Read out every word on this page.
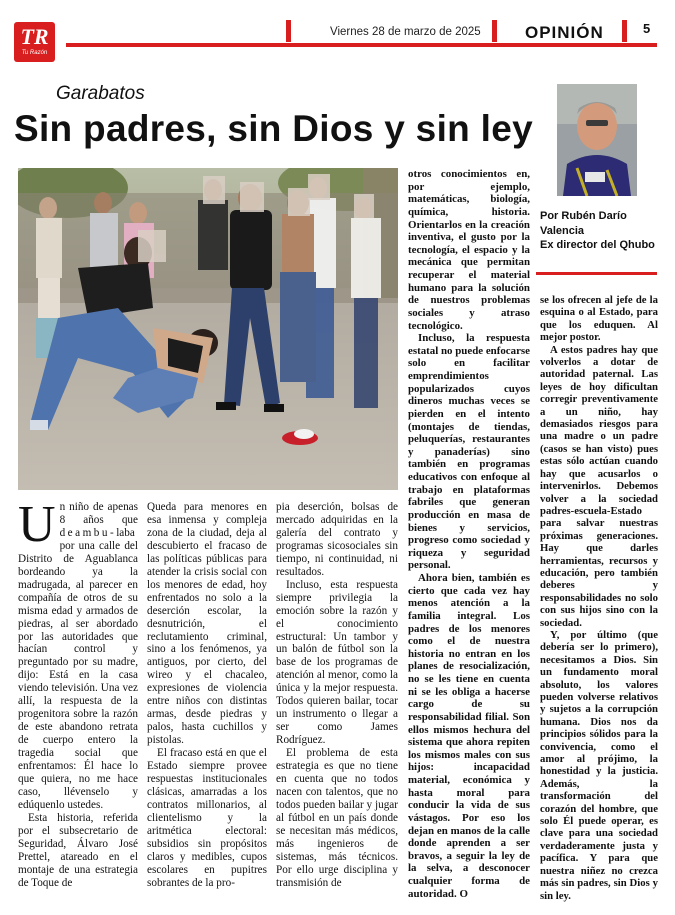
TR
Tu Razón
Viernes 28 de marzo de 2025	OPINIÓN	5
Garabatos
Sin padres, sin Dios y sin ley
Por Rubén Darío
Valencia
Ex director del Qhubo

U n niño de apenas 8 años que deambu-laba por una calle del Distrito de Aguablanca bordeando ya la madrugada, al parecer en compañía de otros de su misma edad y armados de piedras, al ser abordado por las autoridades que hacían control y preguntado por su madre, dijo: Está en la casa viendo televisión. Una vez allí, la respuesta de la progenitora sobre la razón de este abandono retrata de cuerpo entero la tragedia social que enfrentamos: Él hace lo que quiera, no me hace caso, llévenselo y edúquenlo ustedes.

Esta historia, referida por el subsecretario de Seguridad, Álvaro José Prettel, atareado en el montaje de una estrategia de Toque de

Queda para menores en esa inmensa y compleja zona de la ciudad, deja al descubierto el fracaso de las políticas públicas para atender la crisis social con los menores de edad, hoy enfrentados no solo a la deserción escolar, la desnutrición, el reclutamiento criminal, sino a los fenómenos, ya antiguos, por cierto, del wireo y el chacaleo, expresiones de violencia entre niños con distintas armas, desde piedras y palos, hasta cuchillos y pistolas.

El fracaso está en que el Estado siempre provee respuestas institucionales clásicas, amarradas a los contratos millonarios, al clientelismo y la aritmética electoral: subsidios sin propósitos claros y medibles, cupos escolares en pupitres sobrantes de la pro-

pia deserción, bolsas de mercado adquiridas en la galería del contrato y programas sicosociales sin tiempo, ni continuidad, ni resultados.

Incluso, esta respuesta siempre privilegia la emoción sobre la razón y el conocimiento estructural: Un tambor y un balón de fútbol son la base de los programas de atención al menor, como la única y la mejor respuesta. Todos quieren bailar, tocar un instrumento o llegar a ser como James Rodríguez.

El problema de esta estrategia es que no tiene en cuenta que no todos nacen con talentos, que no todos pueden bailar y jugar al fútbol en un país donde se necesitan más médicos, más ingenieros de sistemas, más técnicos. Por ello urge disciplina y transmisión de

otros conocimientos en, por ejemplo, matemáticas, biología, química, historia. Orientarlos en la creación inventiva, el gusto por la tecnología, el espacio y la mecánica que permitan recuperar el material humano para la solución de nuestros problemas sociales y atraso tecnológico.

Incluso, la respuesta estatal no puede enfocarse solo en facilitar emprendimientos popularizados cuyos dineros muchas veces se pierden en el intento (montajes de tiendas, peluquerías, restaurantes y panaderías) sino también en programas educativos con enfoque al trabajo en plataformas fabriles que generan producción en masa de bienes y servicios, progreso como sociedad y riqueza y seguridad personal.

Ahora bien, también es cierto que cada vez hay menos atención a la familia integral. Los padres de los menores como el de nuestra historia no entran en los planes de resocialización, no se les tiene en cuenta ni se les obliga a hacerse cargo de su responsabilidad filial. Son ellos mismos hechura del sistema que ahora repiten los mismos males con sus hijos: incapacidad material, económica y hasta moral para conducir la vida de sus vástagos. Por eso los dejan en manos de la calle donde aprenden a ser bravos, a seguir la ley de la selva, a desconocer cualquier forma de autoridad. O

se los ofrecen al jefe de la esquina o al Estado, para que los eduquen. Al mejor postor.

A estos padres hay que volverlos a dotar de autoridad paternal. Las leyes de hoy dificultan corregir preventivamente a un niño, hay demasiados riesgos para una madre o un padre (casos se han visto) pues estas sólo actúan cuando hay que acusarlos o intervenirlos. Debemos volver a la sociedad padres-escuela-Estado para salvar nuestras próximas generaciones. Hay que darles herramientas, recursos y educación, pero también deberes y responsabilidades no solo con sus hijos sino con la sociedad.

Y, por último (que debería ser lo primero), necesitamos a Dios. Sin un fundamento moral absoluto, los valores pueden volverse relativos y sujetos a la corrupción humana. Dios nos da principios sólidos para la convivencia, como el amor al prójimo, la honestidad y la justicia. Además, la transformación del corazón del hombre, que solo Él puede operar, es clave para una sociedad verdaderamente justa y pacífica. Y para que nuestra niñez no crezca más sin padres, sin Dios y sin ley.
